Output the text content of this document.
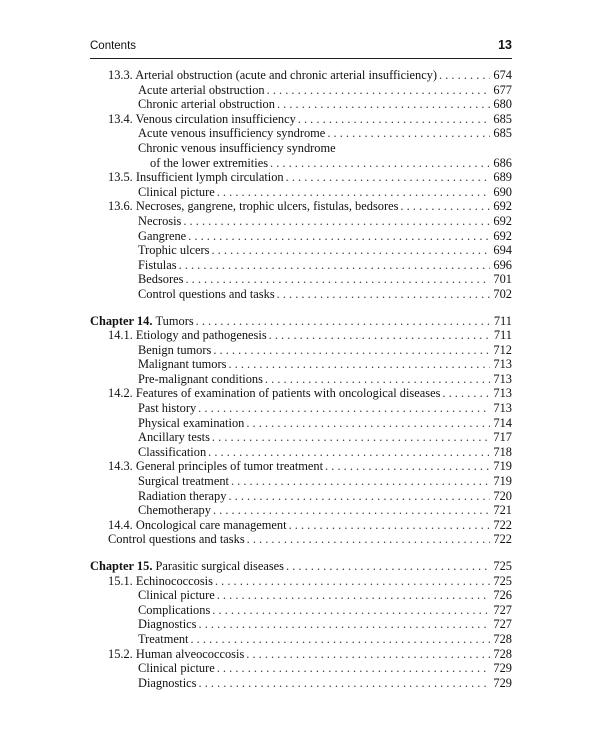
Contents	13
13.3. Arterial obstruction (acute and chronic arterial insufficiency) . . .	674
Acute arterial obstruction . . .	677
Chronic arterial obstruction . . .	680
13.4. Venous circulation insufficiency . . .	685
Acute venous insufficiency syndrome . . .	685
Chronic venous insufficiency syndrome
of the lower extremities . . .	686
13.5. Insufficient lymph circulation . . .	689
Clinical picture . . .	690
13.6. Necroses, gangrene, trophic ulcers, fistulas, bedsores . . .	692
Necrosis . . .	692
Gangrene . . .	692
Trophic ulcers . . .	694
Fistulas . . .	696
Bedsores . . .	701
Control questions and tasks . . .	702
Chapter 14. Tumors . . .	711
14.1. Etiology and pathogenesis . . .	711
Benign tumors . . .	712
Malignant tumors . . .	713
Pre-malignant conditions . . .	713
14.2. Features of examination of patients with oncological diseases . . .	713
Past history . . .	713
Physical examination . . .	714
Ancillary tests . . .	717
Classification . . .	718
14.3. General principles of tumor treatment . . .	719
Surgical treatment . . .	719
Radiation therapy . . .	720
Chemotherapy . . .	721
14.4. Oncological care management . . .	722
Control questions and tasks . . .	722
Chapter 15. Parasitic surgical diseases . . .	725
15.1. Echinococcosis . . .	725
Clinical picture . . .	726
Complications . . .	727
Diagnostics . . .	727
Treatment . . .	728
15.2. Human alveococcosis . . .	728
Clinical picture . . .	729
Diagnostics . . .	729
